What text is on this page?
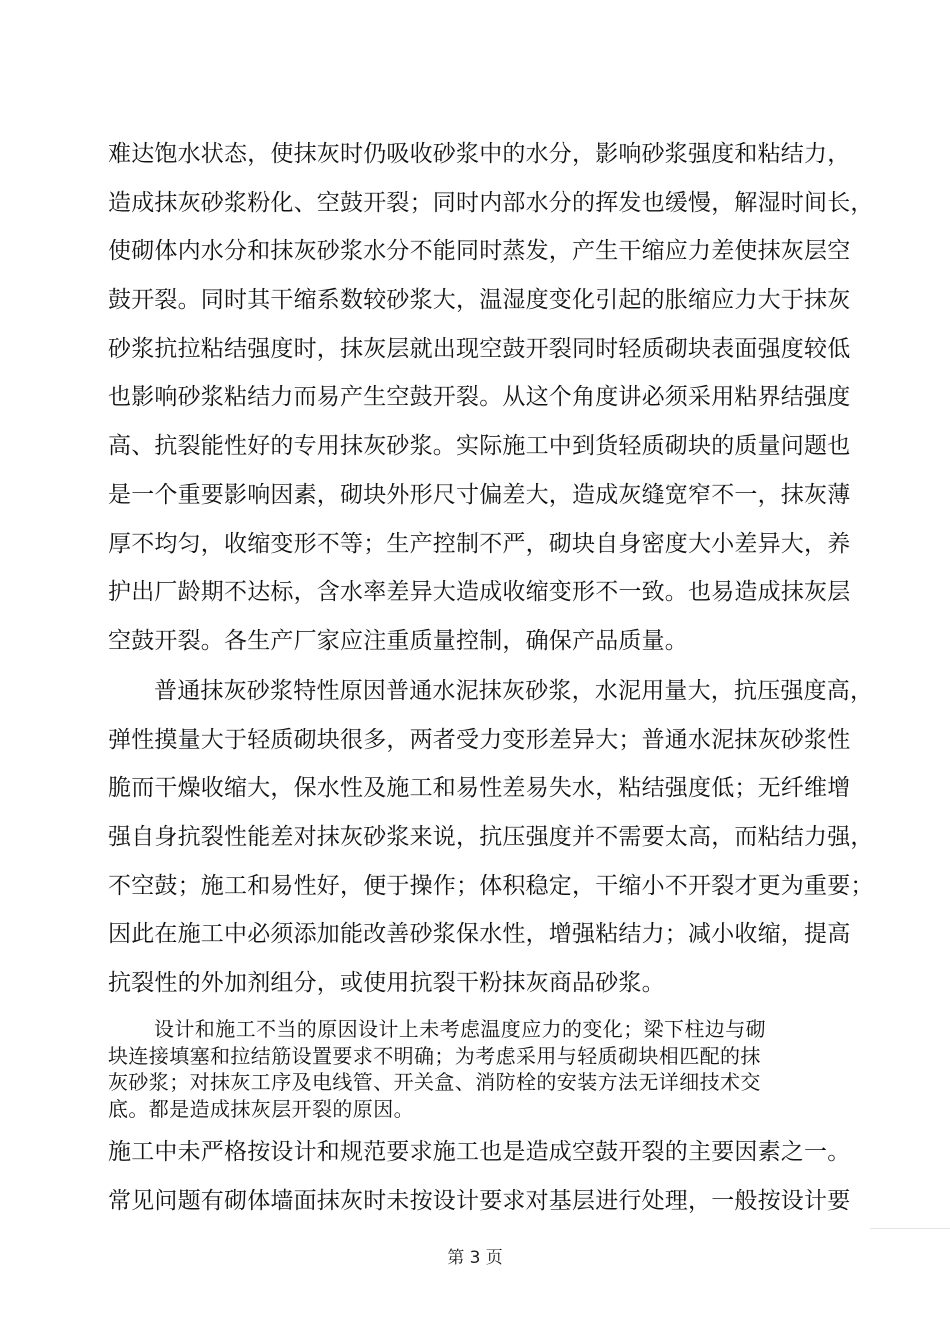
难达饱水状态，使抹灰时仍吸收砂浆中的水分，影响砂浆强度和粘结力，
造成抹灰砂浆粉化、空鼓开裂；同时内部水分的挥发也缓慢，解湿时间长，
使砌体内水分和抹灰砂浆水分不能同时蒸发，产生干缩应力差使抹灰层空
鼓开裂。同时其干缩系数较砂浆大，温湿度变化引起的胀缩应力大于抹灰
砂浆抗拉粘结强度时，抹灰层就出现空鼓开裂同时轻质砌块表面强度较低
也影响砂浆粘结力而易产生空鼓开裂。从这个角度讲必须采用粘界结强度
高、抗裂能性好的专用抹灰砂浆。实际施工中到货轻质砌块的质量问题也
是一个重要影响因素，砌块外形尺寸偏差大，造成灰缝宽窄不一，抹灰薄
厚不均匀，收缩变形不等；生产控制不严，砌块自身密度大小差异大，养
护出厂龄期不达标，含水率差异大造成收缩变形不一致。也易造成抹灰层
空鼓开裂。各生产厂家应注重质量控制，确保产品质量。
普通抹灰砂浆特性原因普通水泥抹灰砂浆，水泥用量大，抗压强度高，
弹性摸量大于轻质砌块很多，两者受力变形差异大；普通水泥抹灰砂浆性
脆而干燥收缩大，保水性及施工和易性差易失水，粘结强度低；无纤维增
强自身抗裂性能差对抹灰砂浆来说，抗压强度并不需要太高，而粘结力强，
不空鼓；施工和易性好，便于操作；体积稳定，干缩小不开裂才更为重要；
因此在施工中必须添加能改善砂浆保水性，增强粘结力；减小收缩，提高
抗裂性的外加剂组分，或使用抗裂干粉抹灰商品砂浆。
设计和施工不当的原因设计上未考虑温度应力的变化；梁下柱边与砌
块连接填塞和拉结筋设置要求不明确；为考虑采用与轻质砌块相匹配的抹
灰砂浆；对抹灰工序及电线管、开关盒、消防栓的安装方法无详细技术交
底。都是造成抹灰层开裂的原因。
施工中未严格按设计和规范要求施工也是造成空鼓开裂的主要因素之一。
常见问题有砌体墙面抹灰时未按设计要求对基层进行处理，一般按设计要
第 3 页
